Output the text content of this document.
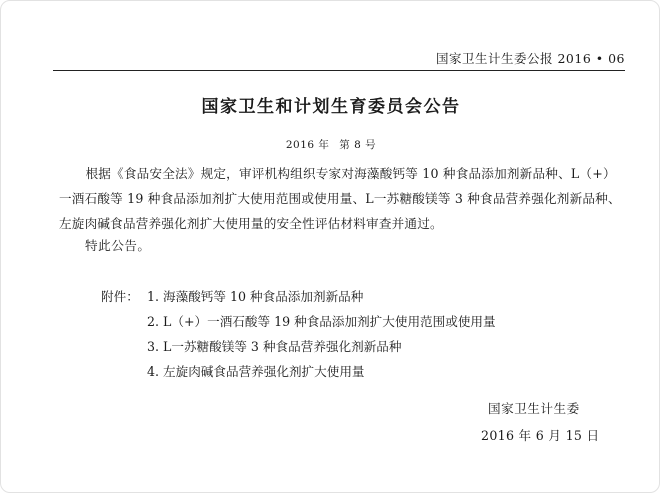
国家卫生计生委公报 2016 • 06
国家卫生和计划生育委员会公告
2016 年 第 8 号
根据《食品安全法》规定，审评机构组织专家对海藻酸钙等 10 种食品添加剂新品种、L（+）一酒石酸等 19 种食品添加剂扩大使用范围或使用量、L一苏糖酸镁等 3 种食品营养强化剂新品种、左旋肉碱食品营养强化剂扩大使用量的安全性评估材料审查并通过。
特此公告。
附件： 1. 海藻酸钙等 10 种食品添加剂新品种
2. L（+）一酒石酸等 19 种食品添加剂扩大使用范围或使用量
3. L一苏糖酸镁等 3 种食品营养强化剂新品种
4. 左旋肉碱食品营养强化剂扩大使用量
国家卫生计生委
2016 年 6 月 15 日
